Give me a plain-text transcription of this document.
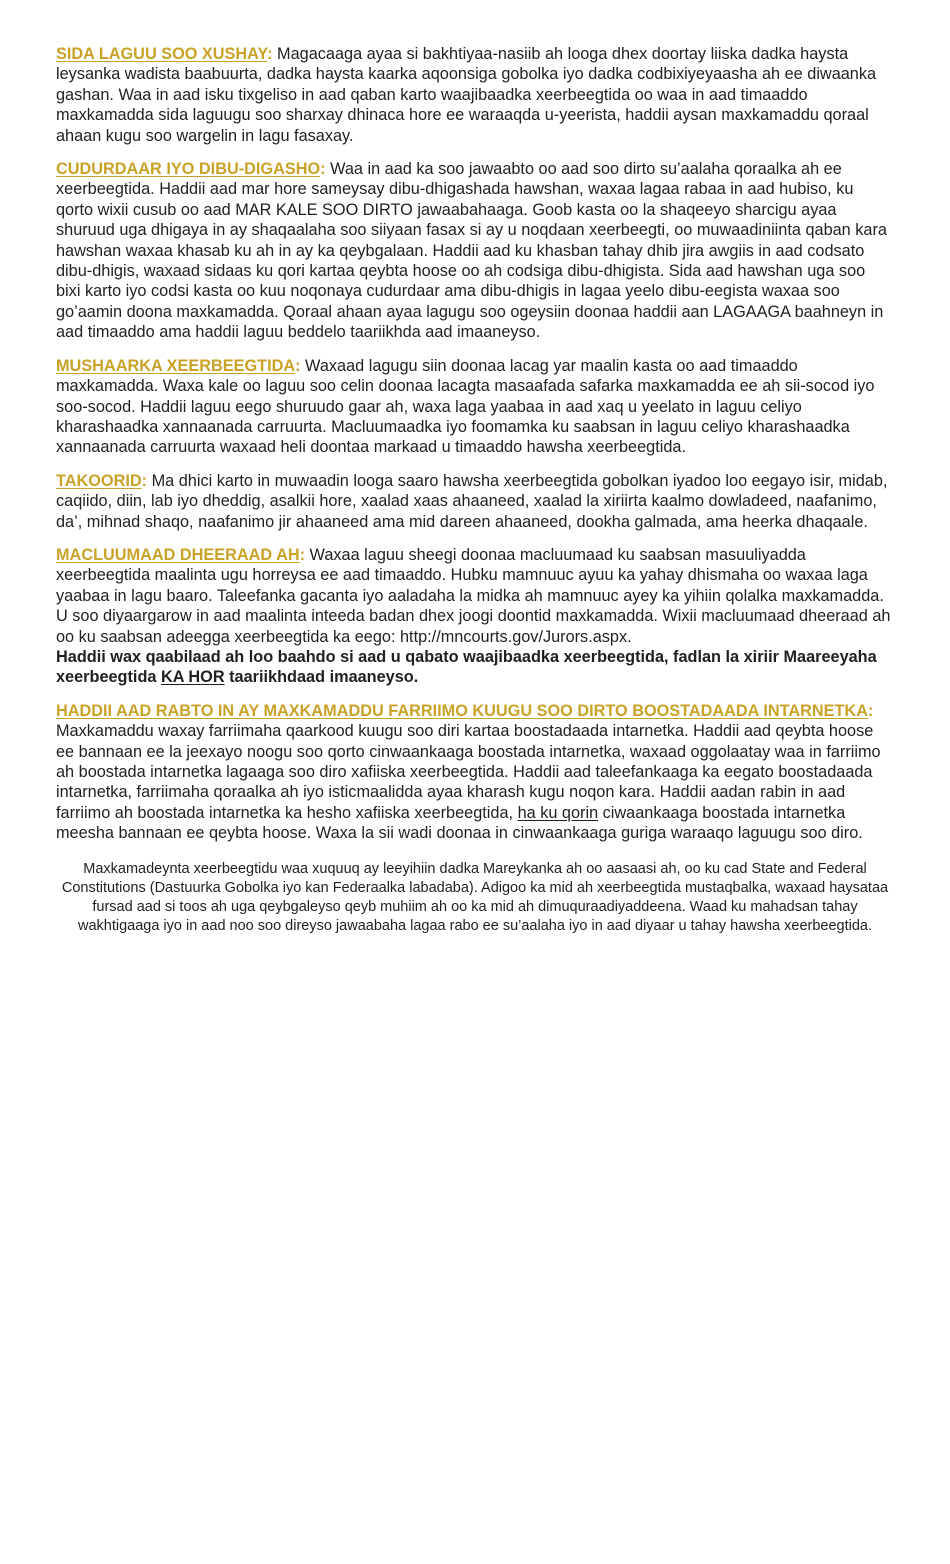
SIDA LAGUU SOO XUSHAY: Magacaaga ayaa si bakhtiyaa-nasiib ah looga dhex doortay liiska dadka haysta leysanka wadista baabuurta, dadka haysta kaarka aqoonsiga gobolka iyo dadka codbixiyeyaasha ah ee diwaanka gashan. Waa in aad isku tixgeliso in aad qaban karto waajibaadka xeerbeegtida oo waa in aad timaaddo maxkamadda sida laguugu soo sharxay dhinaca hore ee waraaqda u-yeerista, haddii aysan maxkamaddu qoraal ahaan kugu soo wargelin in lagu fasaxay.

CUDURDAAR IYO DIBU-DIGASHO: Waa in aad ka soo jawaabto oo aad soo dirto su’aalaha qoraalka ah ee xeerbeegtida. Haddii aad mar hore sameysay dibu-dhigashada hawshan, waxaa lagaa rabaa in aad hubiso, ku qorto wixii cusub oo aad MAR KALE SOO DIRTO jawaabahaaga. Goob kasta oo la shaqeeyo sharcigu ayaa shuruud uga dhigaya in ay shaqaalaha soo siiyaan fasax si ay u noqdaan xeerbeegti, oo muwaadiniinta qaban kara hawshan waxaa khasab ku ah in ay ka qeybgalaan. Haddii aad ku khasban tahay dhib jira awgiis in aad codsato dibu-dhigis, waxaad sidaas ku qori kartaa qeybta hoose oo ah codsiga dibu-dhigista. Sida aad hawshan uga soo bixi karto iyo codsi kasta oo kuu noqonaya cudurdaar ama dibu-dhigis in lagaa yeelo dibu-eegista waxaa soo go’aamin doona maxkamadda. Qoraal ahaan ayaa lagugu soo ogeysiin doonaa haddii aan LAGAAGA baahneyn in aad timaaddo ama haddii laguu beddelo taariikhda aad imaaneyso.

MUSHAARKA XEERBEEGTIDA: Waxaad lagugu siin doonaa lacag yar maalin kasta oo aad timaaddo maxkamadda. Waxa kale oo laguu soo celin doonaa lacagta masaafada safarka maxkamadda ee ah sii-socod iyo soo-socod. Haddii laguu eego shuruudo gaar ah, waxa laga yaabaa in aad xaq u yeelato in laguu celiyo kharashaadka xannaanada carruurta. Macluumaadka iyo foomamka ku saabsan in laguu celiyo kharashaadka xannaanada carruurta waxaad heli doontaa markaad u timaaddo hawsha xeerbeegtida.

TAKOORID: Ma dhici karto in muwaadin looga saaro hawsha xeerbeegtida gobolkan iyadoo loo eegayo isir, midab, caqiido, diin, lab iyo dheddig, asalkii hore, xaalad xaas ahaaneed, xaalad la xiriirta kaalmo dowladeed, naafanimo, da’, mihnad shaqo, naafanimo jir ahaaneed ama mid dareen ahaaneed, dookha galmada, ama heerka dhaqaale.

MACLUUMAAD DHEERAAD AH: Waxaa laguu sheegi doonaa macluumaad ku saabsan masuuliyadda xeerbeegtida maalinta ugu horreysa ee aad timaaddo. Hubku mamnuuc ayuu ka yahay dhismaha oo waxaa laga yaabaa in lagu baaro. Taleefanka gacanta iyo aaladaha la midka ah mamnuuc ayey ka yihiin qolalka maxkamadda. U soo diyaargarow in aad maalinta inteeda badan dhex joogi doontid maxkamadda. Wixii macluumaad dheeraad ah oo ku saabsan adeegga xeerbeegtida ka eego: http://mncourts.gov/Jurors.aspx.
Haddii wax qaabilaad ah loo baahdo si aad u qabato waajibaadka xeerbeegtida, fadlan la xiriir Maareeyaha xeerbeegtida KA HOR taariikhdaad imaaneyso.

HADDII AAD RABTO IN AY MAXKAMADDU FARRIIMO KUUGU SOO DIRTO BOOSTADAADA INTARNETKA: Maxkamaddu waxay farriimaha qaarkood kuugu soo diri kartaa boostadaada intarnetka. Haddii aad qeybta hoose ee bannaan ee la jeexayo noogu soo qorto cinwaankaaga boostada intarnetka, waxaad oggolaatay waa in farriimo ah boostada intarnetka lagaaga soo diro xafiiska xeerbeegtida. Haddii aad taleefankaaga ka eegato boostadaada intarnetka, farriimaha qoraalka ah iyo isticmaalidda ayaa kharash kugu noqon kara. Haddii aadan rabin in aad farriimo ah boostada intarnetka ka hesho xafiiska xeerbeegtida, ha ku qorin ciwaankaaga boostada intarnetka meesha bannaan ee qeybta hoose. Waxa la sii wadi doonaa in cinwaankaaga guriga waraaqo laguugu soo diro.

Maxkamadeynta xeerbeegtidu waa xuquuq ay leeyihiin dadka Mareykanka ah oo aasaasi ah, oo ku cad State and Federal Constitutions (Dastuurka Gobolka iyo kan Federaalka labadaba). Adigoo ka mid ah xeerbeegtida mustaqbalka, waxaad haysataa fursad aad si toos ah uga qeybgaleyso qeyb muhiim ah oo ka mid ah dimuquraadiyaddeena. Waad ku mahadsan tahay wakhtigaaga iyo in aad noo soo direyso jawaabaha lagaa rabo ee su’aalaha iyo in aad diyaar u tahay hawsha xeerbeegtida.
